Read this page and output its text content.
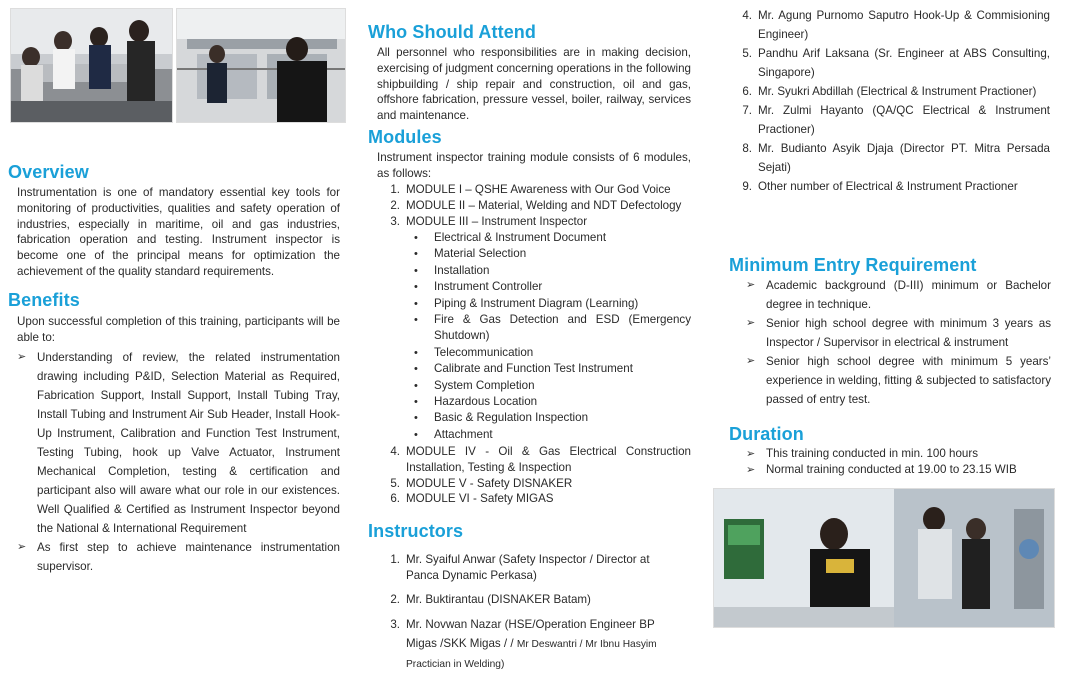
Overview

Instrumentation is one of mandatory essential key tools for monitoring of productivities, qualities and safety operation of industries, especially in maritime, oil and gas industries, fabrication operation and testing. Instrument inspector is become one of the principal means for optimization the achievement of the quality standard requirements.

Benefits

Upon successful completion of this training, participants will be able to:

➢ Understanding of review, the related instrumentation drawing including P&ID, Selection Material as Required, Fabrication Support, Install Support, Install Tubing Tray, Install Tubing and Instrument Air Sub Header, Install Hook-Up Instrument, Calibration and Function Test Instrument, Testing Tubing, hook up Valve Actuator, Instrument Mechanical Completion, testing & certification and participant also will aware what our role in our existences. Well Qualified & Certified as Instrument Inspector beyond the National & International Requirement
➢ As first step to achieve maintenance instrumentation supervisor.
Who Should Attend

All personnel who responsibilities are in making decision, exercising of judgment concerning operations in the following shipbuilding / ship repair and construction, oil and gas, offshore fabrication, pressure vessel, boiler, railway, services and maintenance.

Modules

Instrument inspector training module consists of 6 modules, as follows:

1. MODULE I – QSHE Awareness with Our God Voice
2. MODULE II – Material, Welding and NDT Defectology
3. MODULE III – Instrument Inspector
• Electrical & Instrument Document
• Material Selection
• Installation
• Instrument Controller
• Piping & Instrument Diagram (Learning)
• Fire & Gas Detection and ESD (Emergency Shutdown)
• Telecommunication
• Calibrate and Function Test Instrument
• System Completion
• Hazardous Location
• Basic & Regulation Inspection
• Attachment
4. MODULE IV - Oil & Gas Electrical Construction Installation, Testing & Inspection
5. MODULE V - Safety DISNAKER
6. MODULE VI - Safety MIGAS
Instructors
1. Mr. Syaiful Anwar (Safety Inspector / Director at Panca Dynamic Perkasa)
2. Mr. Buktirantau (DISNAKER Batam)
3. Mr. Novwan Nazar (HSE/Operation Engineer BP Migas /SKK Migas / / Mr Deswantri / Mr Ibnu Hasyim Practician in Welding)
4. Mr. Agung Purnomo Saputro Hook-Up & Commisioning Engineer)
5. Pandhu Arif Laksana (Sr. Engineer at ABS Consulting, Singapore)
6. Mr. Syukri Abdillah (Electrical & Instrument Practioner)
7. Mr. Zulmi Hayanto (QA/QC Electrical & Instrument Practioner)
8. Mr. Budianto Asyik Djaja (Director PT. Mitra Persada Sejati)
9. Other number of Electrical & Instrument Practioner
Minimum Entry Requirement
➢ Academic background (D-III) minimum or Bachelor degree in technique.
➢ Senior high school degree with minimum 3 years as Inspector / Supervisor in electrical & instrument
➢ Senior high school degree with minimum 5 years’ experience in welding, fitting & subjected to satisfactory passed of entry test.
Duration
➢ This training conducted in min. 100 hours
➢ Normal training conducted at 19.00 to 23.15 WIB
